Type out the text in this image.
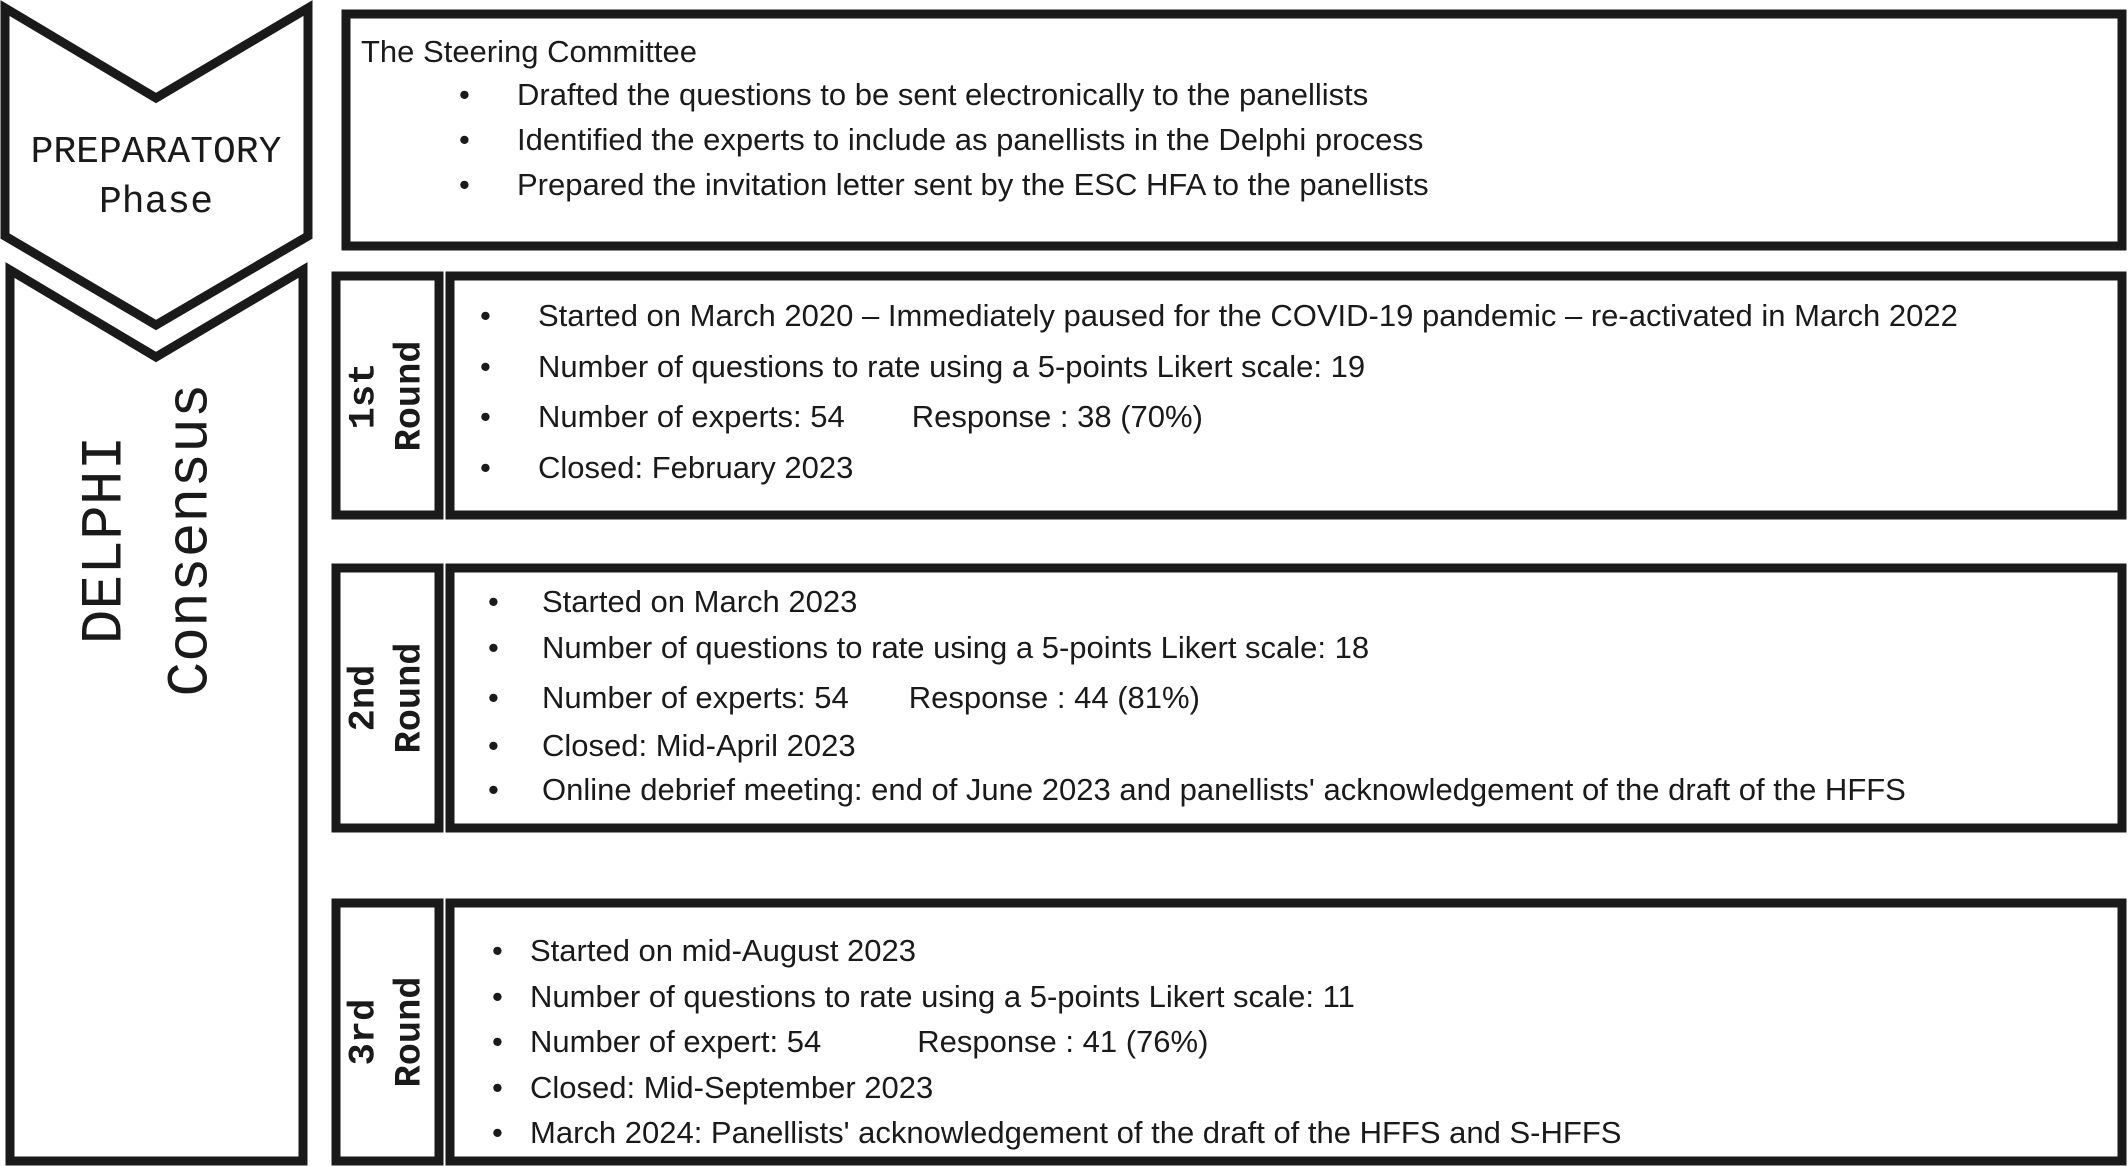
PREPARATORY
Phase
The Steering Committee
• Drafted the questions to be sent electronically to the panellists
• Identified the experts to include as panellists in the Delphi process
• Prepared the invitation letter sent by the ESC HFA to the panellists
DELPHI Consensus	1st Round
• Started on March 2020 – Immediately paused for the COVID-19 pandemic – re-activated in March 2022
• Number of questions to rate using a 5-points Likert scale: 19
• Number of experts: 54 Response : 38 (70%)
• Closed: February 2023
2nd Round
• Started on March 2023
• Number of questions to rate using a 5-points Likert scale: 18
• Number of experts: 54 Response : 44 (81%)
• Closed: Mid-April 2023
• Online debrief meeting: end of June 2023 and panellists' acknowledgement of the draft of the HFFS
3rd Round
• Started on mid-August 2023
• Number of questions to rate using a 5-points Likert scale: 11
• Number of expert: 54	Response : 41 (76%)
• Closed: Mid-September 2023
• March 2024: Panellists' acknowledgement of the draft of the HFFS and S-HFFS
